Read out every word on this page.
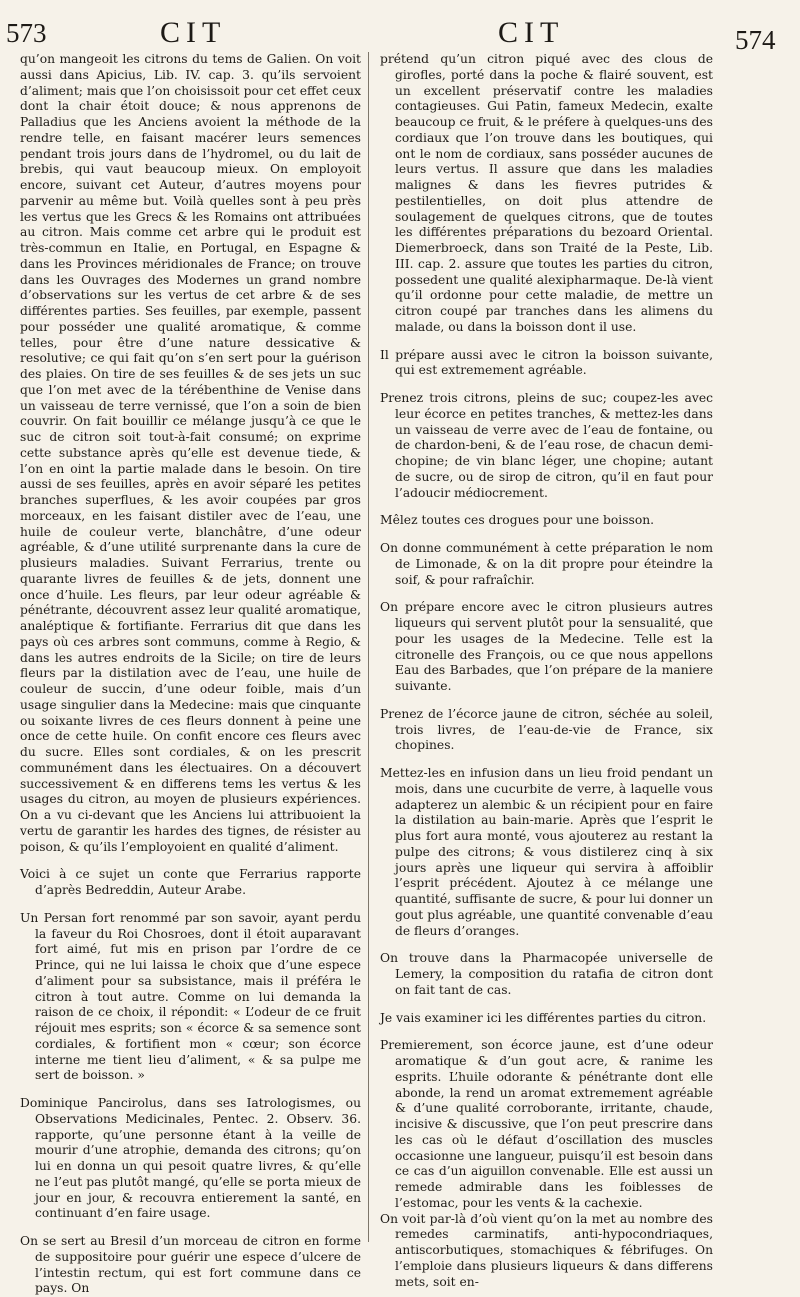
573	CIT	CIT	574

qu’on mangeoit les citrons du tems de Galien. On voit aussi dans Apicius, Lib. IV. cap. 3. qu’ils servoient d’aliment; mais que l’on choisissoit pour cet effet ceux dont la chair étoit douce; & nous apprenons de Palladius que les Anciens avoient la méthode de la rendre telle, en faisant macérer leurs semences pendant trois jours dans de l’hydromel, ou du lait de brebis, qui vaut beaucoup mieux. On employoit encore, suivant cet Auteur, d’autres moyens pour parvenir au même but. Voilà quelles sont à peu près les vertus que les Grecs & les Romains ont attribuées au citron. Mais comme cet arbre qui le produit est très-commun en Italie, en Portugal, en Espagne & dans les Provinces méridionales de France; on trouve dans les Ouvrages des Modernes un grand nombre d’observations sur les vertus de cet arbre & de ses différentes parties. Ses feuilles, par exemple, passent pour posséder une qualité aromatique, & comme telles, pour être d’une nature dessicative & resolutive; ce qui fait qu’on s’en sert pour la guérison des plaies. On tire de ses feuilles & de ses jets un suc que l’on met avec de la térébenthine de Venise dans un vaisseau de terre vernissé, que l’on a soin de bien couvrir. On fait bouillir ce mélange jusqu’à ce que le suc de citron soit tout-à-fait consumé; on exprime cette substance après qu’elle est devenue tiede, & l’on en oint la partie malade dans le besoin. On tire aussi de ses feuilles, après en avoir séparé les petites branches superflues, & les avoir coupées par gros morceaux, en les faisant distiler avec de l’eau, une huile de couleur verte, blanchâtre, d’une odeur agréable, & d’une utilité surprenante dans la cure de plusieurs maladies. Suivant Ferrarius, trente ou quarante livres de feuilles & de jets, donnent une once d’huile. Les fleurs, par leur odeur agréable & pénétrante, découvrent assez leur qualité aromatique, analéptique & fortifiante. Ferrarius dit que dans les pays où ces arbres sont communs, comme à Regio, & dans les autres endroits de la Sicile; on tire de leurs fleurs par la distilation avec de l’eau, une huile de couleur de succin, d’une odeur foible, mais d’un usage singulier dans la Medecine: mais que cinquante ou soixante livres de ces fleurs donnent à peine une once de cette huile. On confit encore ces fleurs avec du sucre. Elles sont cordiales, & on les prescrit communément dans les électuaires. On a découvert successivement & en differens tems les vertus & les usages du citron, au moyen de plusieurs expériences. On a vu ci-devant que les Anciens lui attribuoient la vertu de garantir les hardes des tignes, de résister au poison, & qu’ils l’employoient en qualité d’aliment.

Voici à ce sujet un conte que Ferrarius rapporte d’après Bedreddin, Auteur Arabe.

Un Persan fort renommé par son savoir, ayant perdu la faveur du Roi Chosroes, dont il étoit auparavant fort aimé, fut mis en prison par l’ordre de ce Prince, qui ne lui laissa le choix que d’une espece d’aliment pour sa subsistance, mais il préféra le citron à tout autre. Comme on lui demanda la raison de ce choix, il répondit: « L’odeur de ce fruit réjouit mes esprits; son « écorce & sa semence sont cordiales, & fortifient mon « cœur; son écorce interne me tient lieu d’aliment, « & sa pulpe me sert de boisson. »

Dominique Pancirolus, dans ses Iatrologismes, ou Observations Medicinales, Pentec. 2. Observ. 36. rapporte, qu’une personne étant à la veille de mourir d’une atrophie, demanda des citrons; qu’on lui en donna un qui pesoit quatre livres, & qu’elle ne l’eut pas plutôt mangé, qu’elle se porta mieux de jour en jour, & recouvra entierement la santé, en continuant d’en faire usage.

On se sert au Bresil d’un morceau de citron en forme de suppositoire pour guérir une espece d’ulcere de l’intestin rectum, qui est fort commune dans ce pays. On

prétend qu’un citron piqué avec des clous de girofles, porté dans la poche & flairé souvent, est un excellent préservatif contre les maladies contagieuses. Gui Patin, fameux Medecin, exalte beaucoup ce fruit, & le préfere à quelques-uns des cordiaux que l’on trouve dans les boutiques, qui ont le nom de cordiaux, sans posséder aucunes de leurs vertus. Il assure que dans les maladies malignes & dans les fievres putrides & pestilentielles, on doit plus attendre de soulagement de quelques citrons, que de toutes les différentes préparations du bezoard Oriental. Diemerbroeck, dans son Traité de la Peste, Lib. III. cap. 2. assure que toutes les parties du citron, possedent une qualité alexipharmaque. De-là vient qu’il ordonne pour cette maladie, de mettre un citron coupé par tranches dans les alimens du malade, ou dans la boisson dont il use.

Il prépare aussi avec le citron la boisson suivante, qui est extremement agréable.

Prenez trois citrons, pleins de suc; coupez-les avec leur écorce en petites tranches, & mettez-les dans un vaisseau de verre avec de l’eau de fontaine, ou de chardon-beni, & de l’eau rose, de chacun demi-chopine; de vin blanc léger, une chopine; autant de sucre, ou de sirop de citron, qu’il en faut pour l’adoucir médiocrement.

Mêlez toutes ces drogues pour une boisson.

On donne communément à cette préparation le nom de Limonade, & on la dit propre pour éteindre la soif, & pour rafraîchir.

On prépare encore avec le citron plusieurs autres liqueurs qui servent plutôt pour la sensualité, que pour les usages de la Medecine. Telle est la citronelle des François, ou ce que nous appellons Eau des Barbades, que l’on prépare de la maniere suivante.

Prenez de l’écorce jaune de citron, séchée au soleil, trois livres, de l’eau-de-vie de France, six chopines.

Mettez-les en infusion dans un lieu froid pendant un mois, dans une cucurbite de verre, à laquelle vous adapterez un alembic & un récipient pour en faire la distilation au bain-marie. Après que l’esprit le plus fort aura monté, vous ajouterez au restant la pulpe des citrons; & vous distilerez cinq à six jours après une liqueur qui servira à affoiblir l’esprit précédent. Ajoutez à ce mélange une quantité, suffisante de sucre, & pour lui donner un gout plus agréable, une quantité convenable d’eau de fleurs d’oranges.

On trouve dans la Pharmacopée universelle de Lemery, la composition du ratafia de citron dont on fait tant de cas.

Je vais examiner ici les différentes parties du citron.

Premierement, son écorce jaune, est d’une odeur aromatique & d’un gout acre, & ranime les esprits. L’huile odorante & pénétrante dont elle abonde, la rend un aromat extremement agréable & d’une qualité corroborante, irritante, chaude, incisive & discussive, que l’on peut prescrire dans les cas où le défaut d’oscillation des muscles occasionne une langueur, puisqu’il est besoin dans ce cas d’un aiguillon convenable. Elle est aussi un remede admirable dans les foiblesses de l’estomac, pour les vents & la cachexie.

On voit par-là d’où vient qu’on la met au nombre des remedes carminatifs, anti-hypocondriaques, antiscorbutiques, stomachiques & fébrifuges. On l’emploie dans plusieurs liqueurs & dans differens mets, soit en-
